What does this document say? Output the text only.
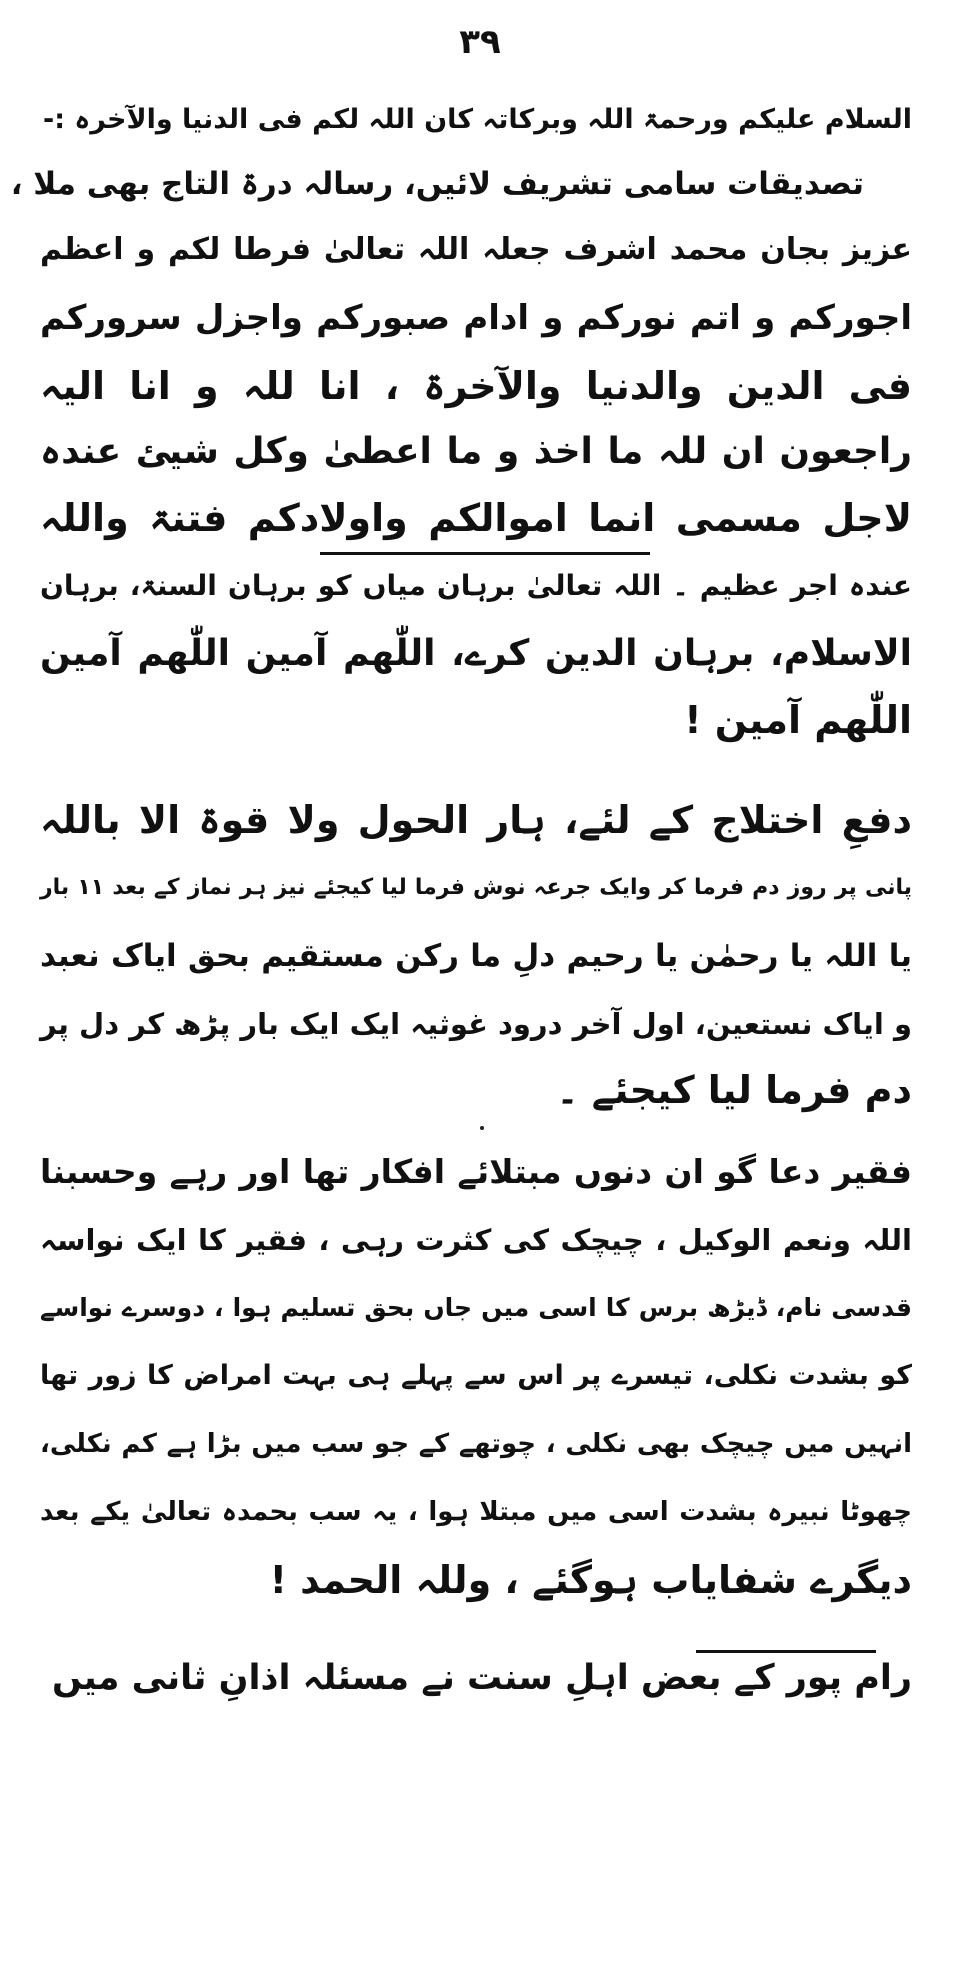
۳۹
السلام علیکم ورحمۃ اللہ وبرکاتہ کان اللہ لکم فی الدنیا والآخرہ :-
تصدیقات سامی تشریف لائیں، رسالہ درۃ التاج بھی ملا ،
عزیز بجان محمد اشرف جعلہ اللہ تعالیٰ فرطا لکم و اعظم
اجورکم و اتم نورکم و ادام صبورکم واجزل سرورکم
فی الدین والدنیا والآخرۃ ، انا للہ و انا الیہ
راجعون ان للہ ما اخذ و ما اعطیٰ وکل شیئ عندہ
لاجل مسمی انما اموالکم واولادکم فتنۃ واللہ
عندہ اجر عظیم ۔ اللہ تعالیٰ برہان میاں کو برہان السنۃ، برہان
الاسلام، برہان الدین کرے، اللّٰھم آمین اللّٰھم آمین
اللّٰھم آمین !
دفعِ اختلاج کے لئے، ہار الحول ولا قوۃ الا باللہ
پانی پر روز دم فرما کر وایک جرعہ نوش فرما لیا کیجئے نیز ہر نماز کے بعد ۱۱ بار
یا اللہ یا رحمٰن یا رحیم دلِ ما رکن مستقیم بحق ایاک نعبد
و ایاک نستعین، اول آخر درود غوثیہ ایک ایک بار پڑھ کر دل پر
دم فرما لیا کیجئے ۔
فقیر دعا گو ان دنوں مبتلائے افکار تھا اور رہے وحسبنا
اللہ ونعم الوکیل ، چیچک کی کثرت رہی ، فقیر کا ایک نواسہ
قدسی نام، ڈیڑھ برس کا اسی میں جاں بحق تسلیم ہوا ، دوسرے نواسے
کو بشدت نکلی، تیسرے پر اس سے پہلے ہی بہت امراض کا زور تھا
انہیں میں چیچک بھی نکلی ، چوتھے کے جو سب میں بڑا ہے کم نکلی،
چھوٹا نبیرہ بشدت اسی میں مبتلا ہوا ، یہ سب بحمدہ تعالیٰ یکے بعد
دیگرے شفایاب ہوگئے ، وللہ الحمد !
رام پور کے بعض اہلِ سنت نے مسئلہ اذانِ ثانی میں
